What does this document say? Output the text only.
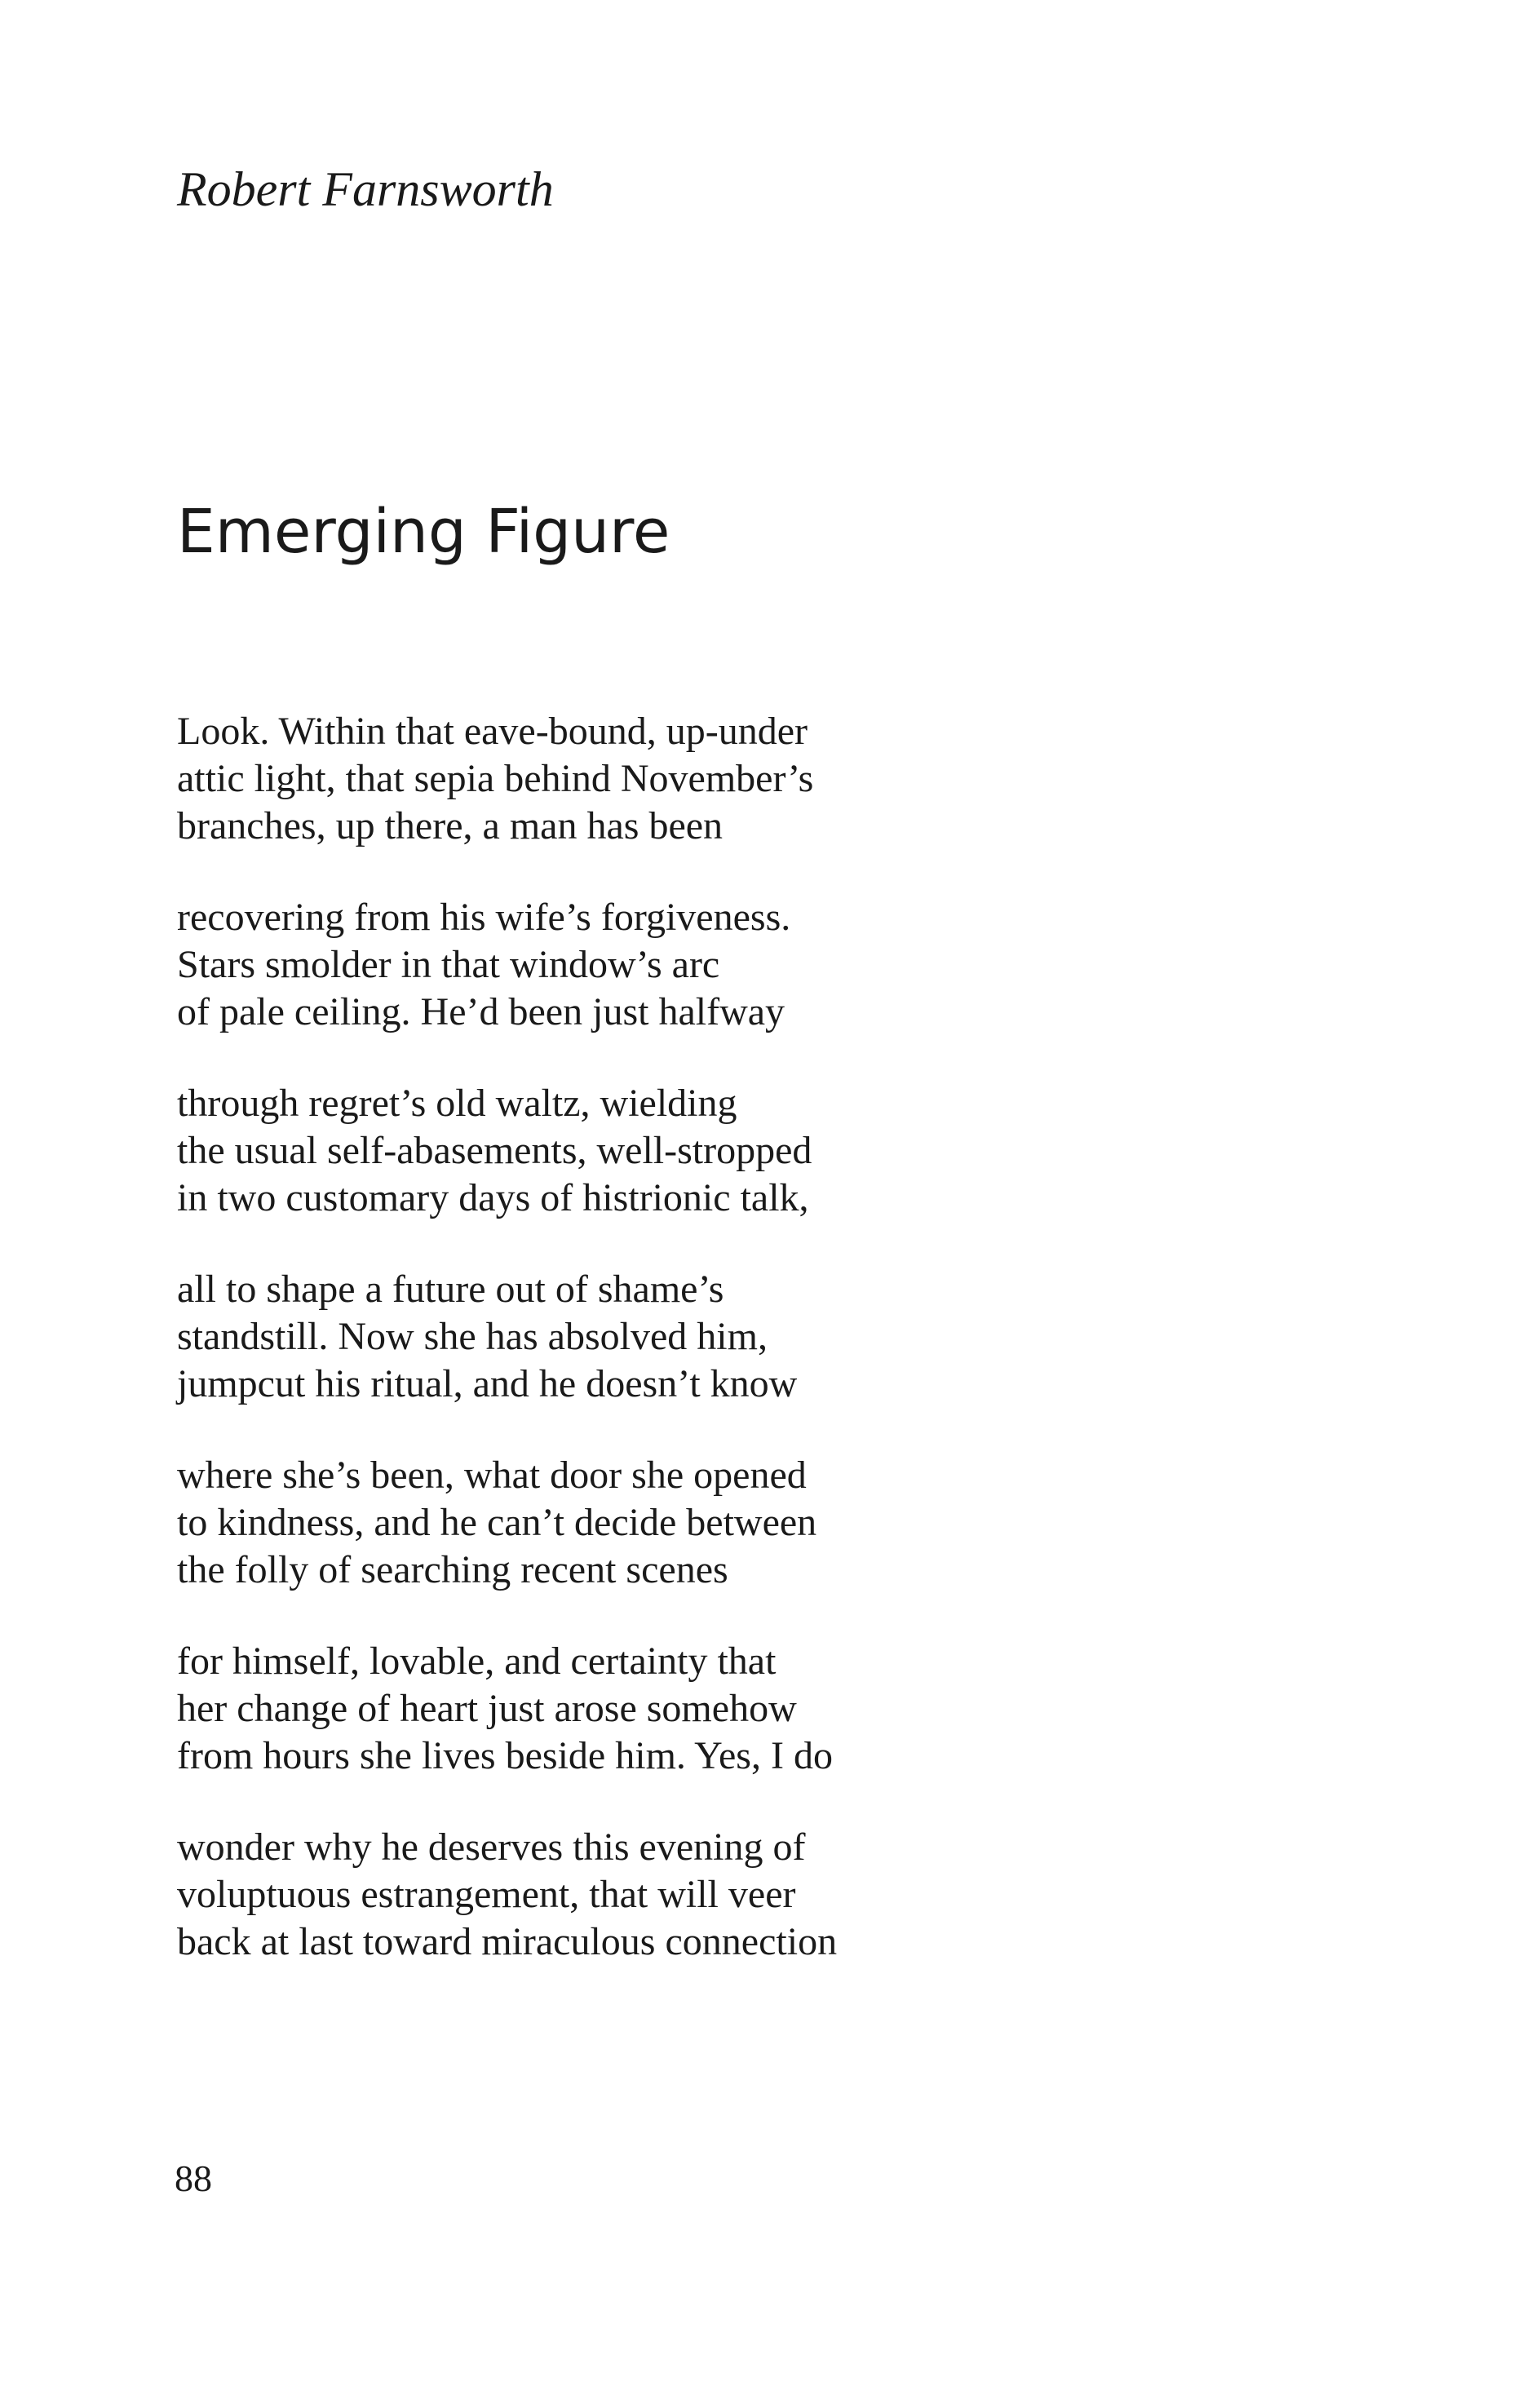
Robert Farnsworth
Emerging Figure
Look. Within that eave-bound, up-under
attic light, that sepia behind November’s
branches, up there, a man has been
recovering from his wife’s forgiveness.
Stars smolder in that window’s arc
of pale ceiling. He’d been just halfway
through regret’s old waltz, wielding
the usual self-abasements, well-stropped
in two customary days of histrionic talk,
all to shape a future out of shame’s
standstill. Now she has absolved him,
jumpcut his ritual, and he doesn’t know
where she’s been, what door she opened
to kindness, and he can’t decide between
the folly of searching recent scenes
for himself, lovable, and certainty that
her change of heart just arose somehow
from hours she lives beside him. Yes, I do
wonder why he deserves this evening of
voluptuous estrangement, that will veer
back at last toward miraculous connection
88
